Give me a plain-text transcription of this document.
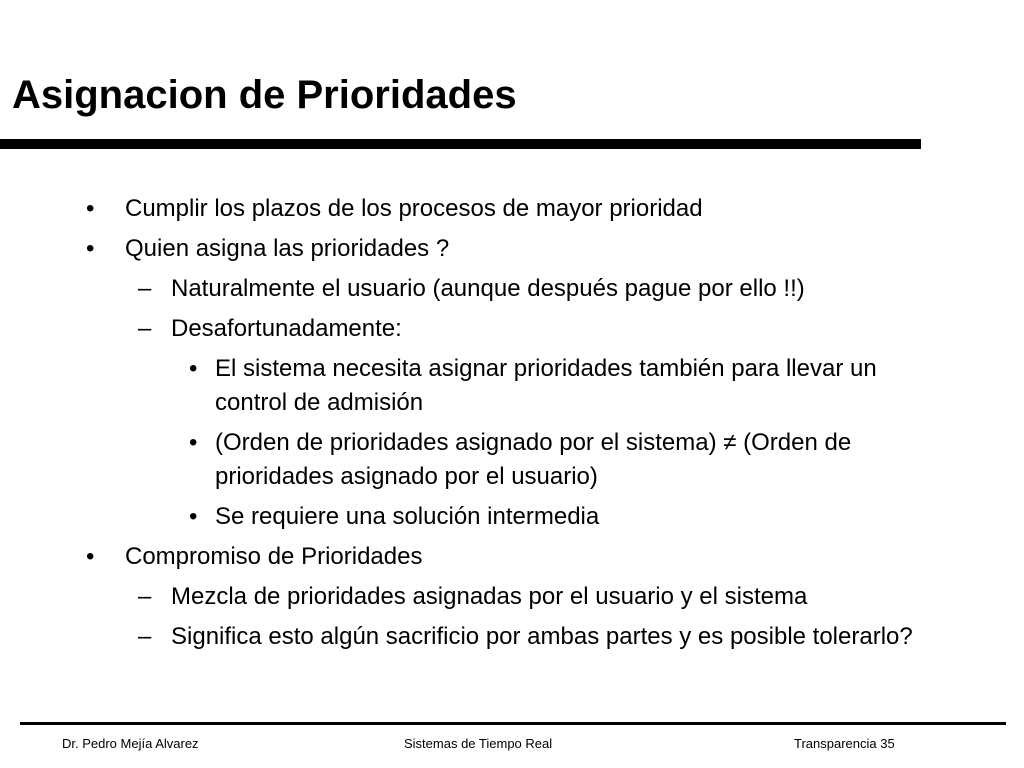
Asignacion de Prioridades
• Cumplir los plazos de los procesos de mayor prioridad
• Quien asigna las prioridades ?
– Naturalmente el usuario (aunque después pague por ello !!)
– Desafortunadamente:
• El sistema necesita asignar prioridades también para llevar un control de admisión
• (Orden de prioridades asignado por el sistema) ≠ (Orden de prioridades asignado por el usuario)
• Se requiere una solución intermedia
• Compromiso de Prioridades
– Mezcla de prioridades asignadas por el usuario y el sistema
– Significa esto algún sacrificio por ambas partes y es posible tolerarlo?
Dr. Pedro Mejía Alvarez	Sistemas de Tiempo Real	Transparencia 35
